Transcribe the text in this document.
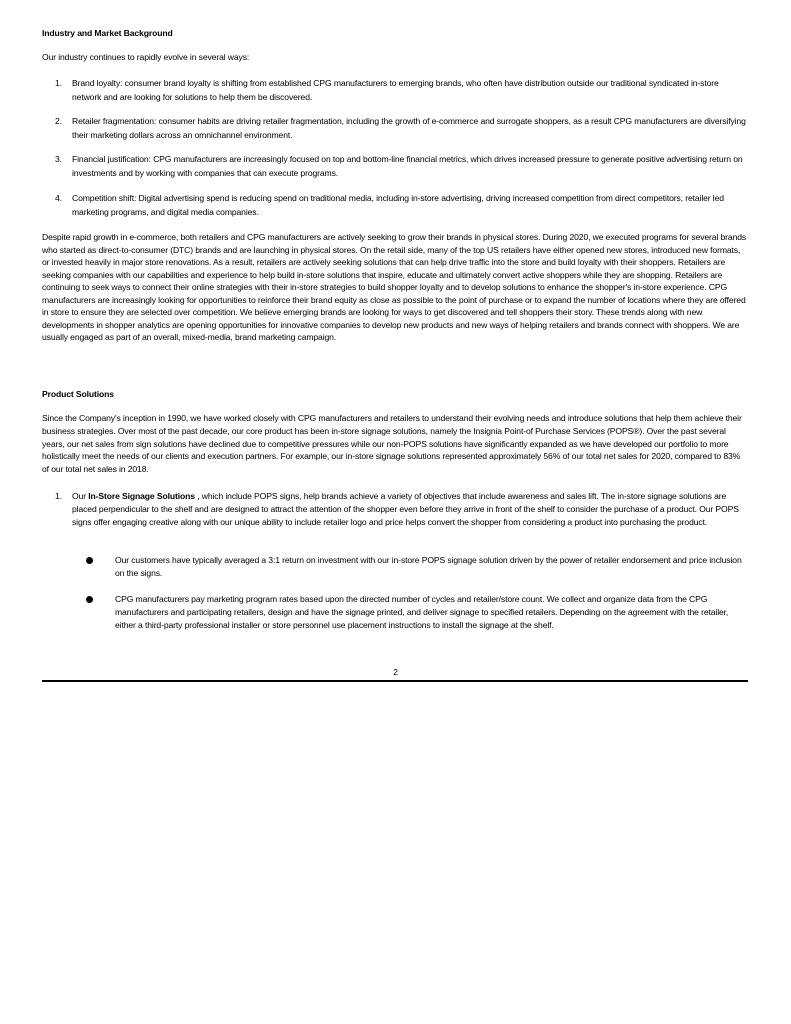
Industry and Market Background
Our industry continues to rapidly evolve in several ways:
1. Brand loyalty: consumer brand loyalty is shifting from established CPG manufacturers to emerging brands, who often have distribution outside our traditional syndicated in-store network and are looking for solutions to help them be discovered.
2. Retailer fragmentation: consumer habits are driving retailer fragmentation, including the growth of e-commerce and surrogate shoppers, as a result CPG manufacturers are diversifying their marketing dollars across an omnichannel environment.
3. Financial justification: CPG manufacturers are increasingly focused on top and bottom-line financial metrics, which drives increased pressure to generate positive advertising return on investments and by working with companies that can execute programs.
4. Competition shift: Digital advertising spend is reducing spend on traditional media, including in-store advertising, driving increased competition from direct competitors, retailer led marketing programs, and digital media companies.
Despite rapid growth in e-commerce, both retailers and CPG manufacturers are actively seeking to grow their brands in physical stores. During 2020, we executed programs for several brands who started as direct-to-consumer (DTC) brands and are launching in physical stores. On the retail side, many of the top US retailers have either opened new stores, introduced new formats, or invested heavily in major store renovations. As a result, retailers are actively seeking solutions that can help drive traffic into the store and build loyalty with their shoppers. Retailers are seeking companies with our capabilities and experience to help build in-store solutions that inspire, educate and ultimately convert active shoppers while they are shopping. Retailers are continuing to seek ways to connect their online strategies with their in-store strategies to build shopper loyalty and to develop solutions to enhance the shopper's in-store experience. CPG manufacturers are increasingly looking for opportunities to reinforce their brand equity as close as possible to the point of purchase or to expand the number of locations where they are offered in store to ensure they are selected over competition. We believe emerging brands are looking for ways to get discovered and tell shoppers their story. These trends along with new developments in shopper analytics are opening opportunities for innovative companies to develop new products and new ways of helping retailers and brands connect with shoppers. We are usually engaged as part of an overall, mixed-media, brand marketing campaign.
Product Solutions
Since the Company's inception in 1990, we have worked closely with CPG manufacturers and retailers to understand their evolving needs and introduce solutions that help them achieve their business strategies. Over most of the past decade, our core product has been in-store signage solutions, namely the Insignia Point-of Purchase Services (POPS®). Over the past several years, our net sales from sign solutions have declined due to competitive pressures while our non-POPS solutions have significantly expanded as we have developed our portfolio to more holistically meet the needs of our clients and execution partners. For example, our in-store signage solutions represented approximately 56% of our total net sales for 2020, compared to 83% of our total net sales in 2018.
1. Our In-Store Signage Solutions , which include POPS signs, help brands achieve a variety of objectives that include awareness and sales lift. The in-store signage solutions are placed perpendicular to the shelf and are designed to attract the attention of the shopper even before they arrive in front of the shelf to consider the purchase of a product. Our POPS signs offer engaging creative along with our unique ability to include retailer logo and price helps convert the shopper from considering a product into purchasing the product.
Our customers have typically averaged a 3:1 return on investment with our in-store POPS signage solution driven by the power of retailer endorsement and price inclusion on the signs.
CPG manufacturers pay marketing program rates based upon the directed number of cycles and retailer/store count. We collect and organize data from the CPG manufacturers and participating retailers, design and have the signage printed, and deliver signage to specified retailers. Depending on the agreement with the retailer, either a third-party professional installer or store personnel use placement instructions to install the signage at the shelf.
2
